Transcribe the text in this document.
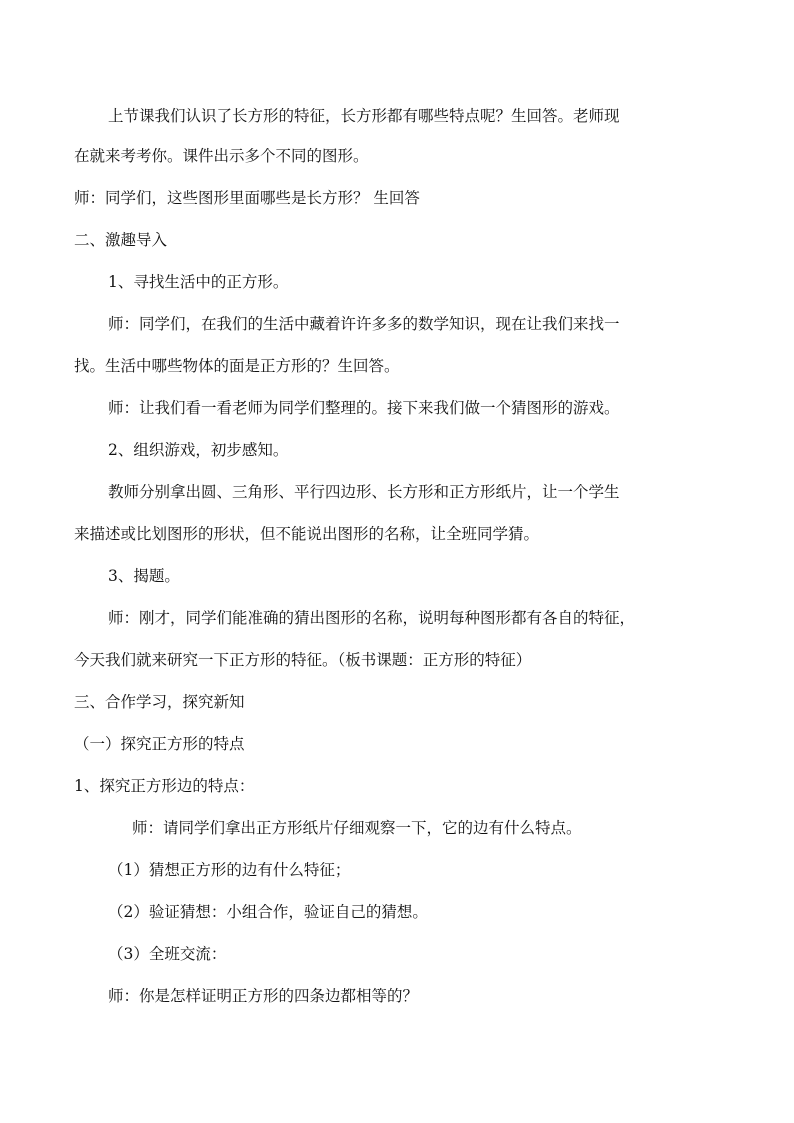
上节课我们认识了长方形的特征，长方形都有哪些特点呢？生回答。老师现
在就来考考你。课件出示多个不同的图形。
师：同学们，这些图形里面哪些是长方形？ 生回答
二、激趣导入
1、寻找生活中的正方形。
师：同学们，在我们的生活中藏着许许多多的数学知识，现在让我们来找一
找。生活中哪些物体的面是正方形的？生回答。
师：让我们看一看老师为同学们整理的。接下来我们做一个猜图形的游戏。
2、组织游戏，初步感知。
教师分别拿出圆、三角形、平行四边形、长方形和正方形纸片，让一个学生
来描述或比划图形的形状，但不能说出图形的名称，让全班同学猜。
3、揭题。
师：刚才，同学们能准确的猜出图形的名称，说明每种图形都有各自的特征，
今天我们就来研究一下正方形的特征。（板书课题：正方形的特征）
三、合作学习，探究新知
（一）探究正方形的特点
1、探究正方形边的特点：
师：请同学们拿出正方形纸片仔细观察一下，它的边有什么特点。
（1）猜想正方形的边有什么特征；
（2）验证猜想：小组合作，验证自己的猜想。
（3）全班交流：
师：你是怎样证明正方形的四条边都相等的？
